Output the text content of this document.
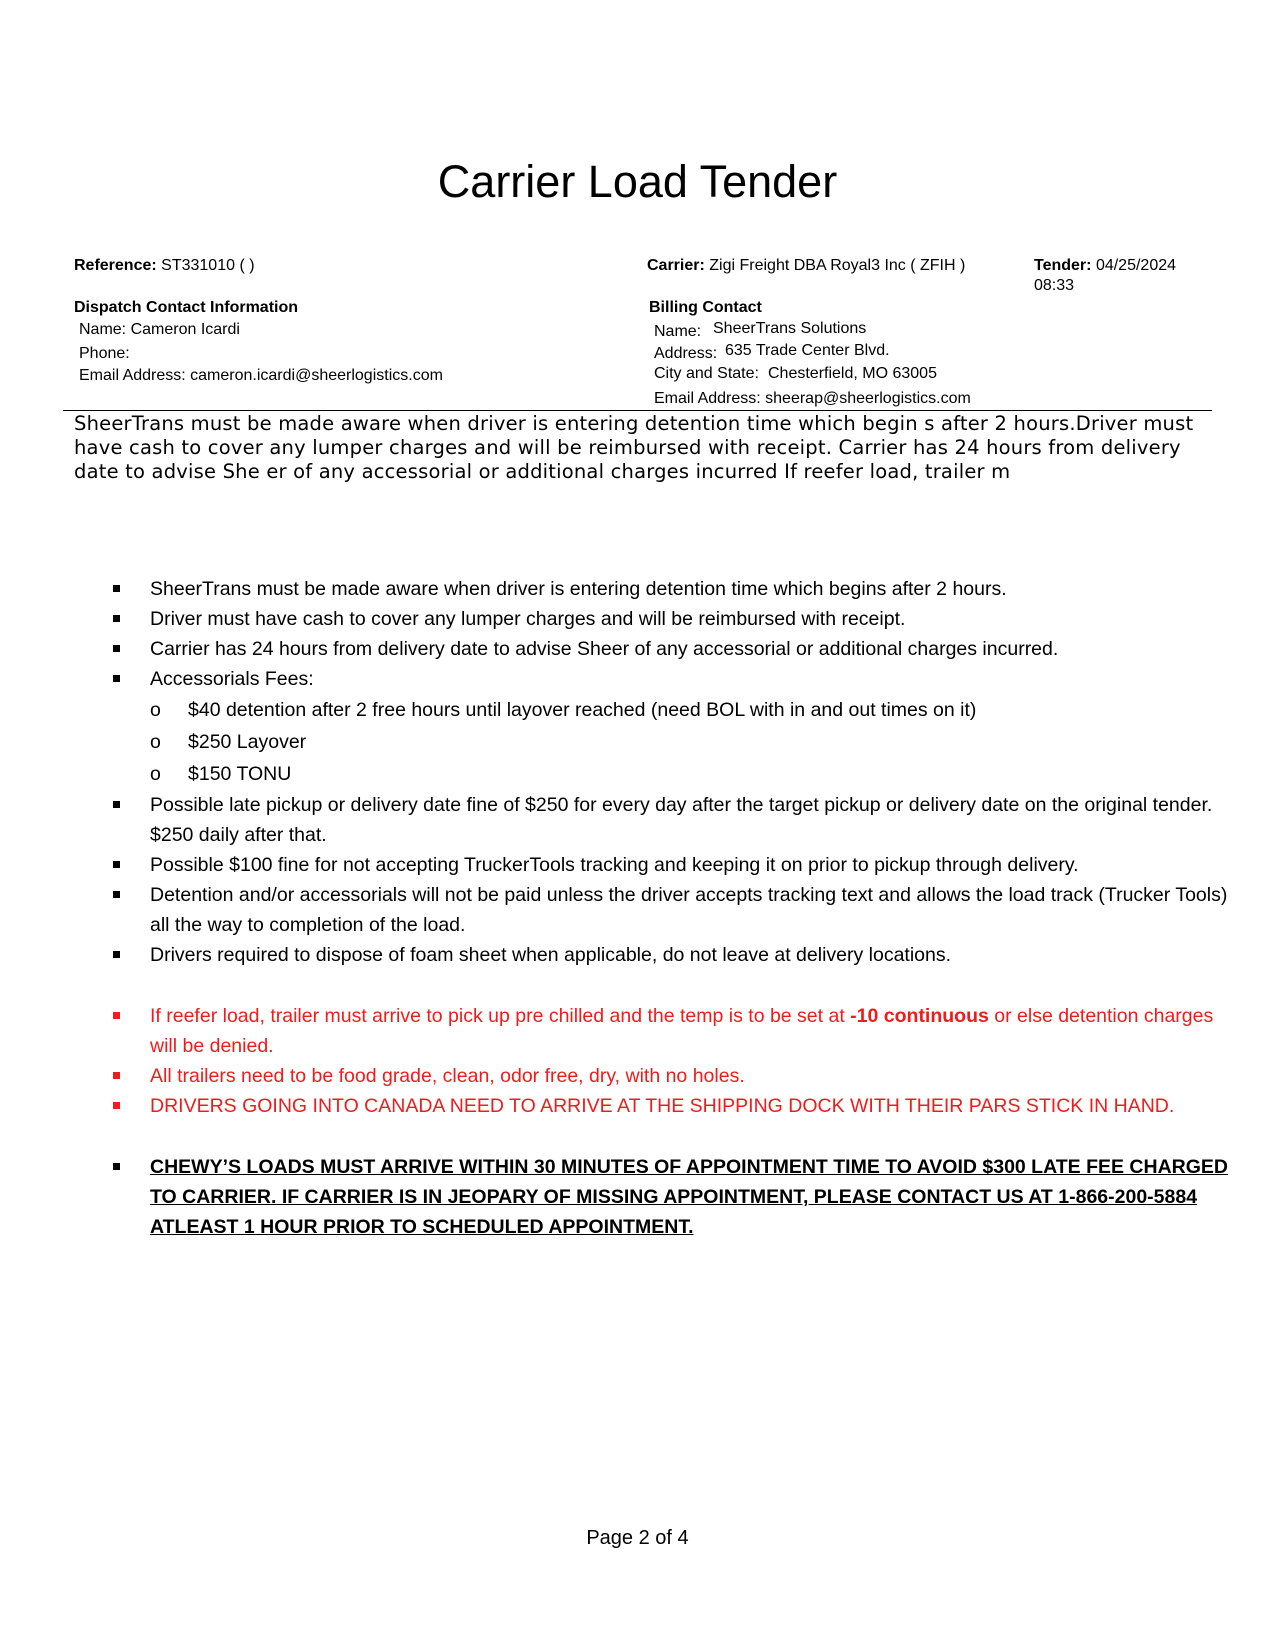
Carrier Load Tender
Reference: ST331010 ( )	Carrier: Zigi Freight DBA Royal3 Inc ( ZFIH )	Tender: 04/25/2024
08:33
Dispatch Contact Information
Name: Cameron Icardi
Phone:
Email Address: cameron.icardi@sheerlogistics.com
Billing Contact
Name: SheerTrans Solutions
Address: 635 Trade Center Blvd.
City and State: Chesterfield, MO 63005
Email Address: sheerap@sheerlogistics.com
SheerTrans must be made aware when driver is entering detention time which begin s after 2 hours.Driver must have cash to cover any lumper charges and will be reimbursed with receipt. Carrier has 24 hours from delivery date to advise She er of any accessorial or additional charges incurred If reefer load, trailer m
SheerTrans must be made aware when driver is entering detention time which begins after 2 hours.
Driver must have cash to cover any lumper charges and will be reimbursed with receipt.
Carrier has 24 hours from delivery date to advise Sheer of any accessorial or additional charges incurred.
Accessorials Fees:
o $40 detention after 2 free hours until layover reached (need BOL with in and out times on it)
o $250 Layover
o $150 TONU
Possible late pickup or delivery date fine of $250 for every day after the target pickup or delivery date on the original tender. $250 daily after that.
Possible $100 fine for not accepting TruckerTools tracking and keeping it on prior to pickup through delivery.
Detention and/or accessorials will not be paid unless the driver accepts tracking text and allows the load track (Trucker Tools) all the way to completion of the load.
Drivers required to dispose of foam sheet when applicable, do not leave at delivery locations.
If reefer load, trailer must arrive to pick up pre chilled and the temp is to be set at -10 continuous or else detention charges will be denied.
All trailers need to be food grade, clean, odor free, dry, with no holes.
DRIVERS GOING INTO CANADA NEED TO ARRIVE AT THE SHIPPING DOCK WITH THEIR PARS STICK IN HAND.
CHEWY’S LOADS MUST ARRIVE WITHIN 30 MINUTES OF APPOINTMENT TIME TO AVOID $300 LATE FEE CHARGED TO CARRIER. IF CARRIER IS IN JEOPARY OF MISSING APPOINTMENT, PLEASE CONTACT US AT 1-866-200-5884 ATLEAST 1 HOUR PRIOR TO SCHEDULED APPOINTMENT.
Page 2 of 4
